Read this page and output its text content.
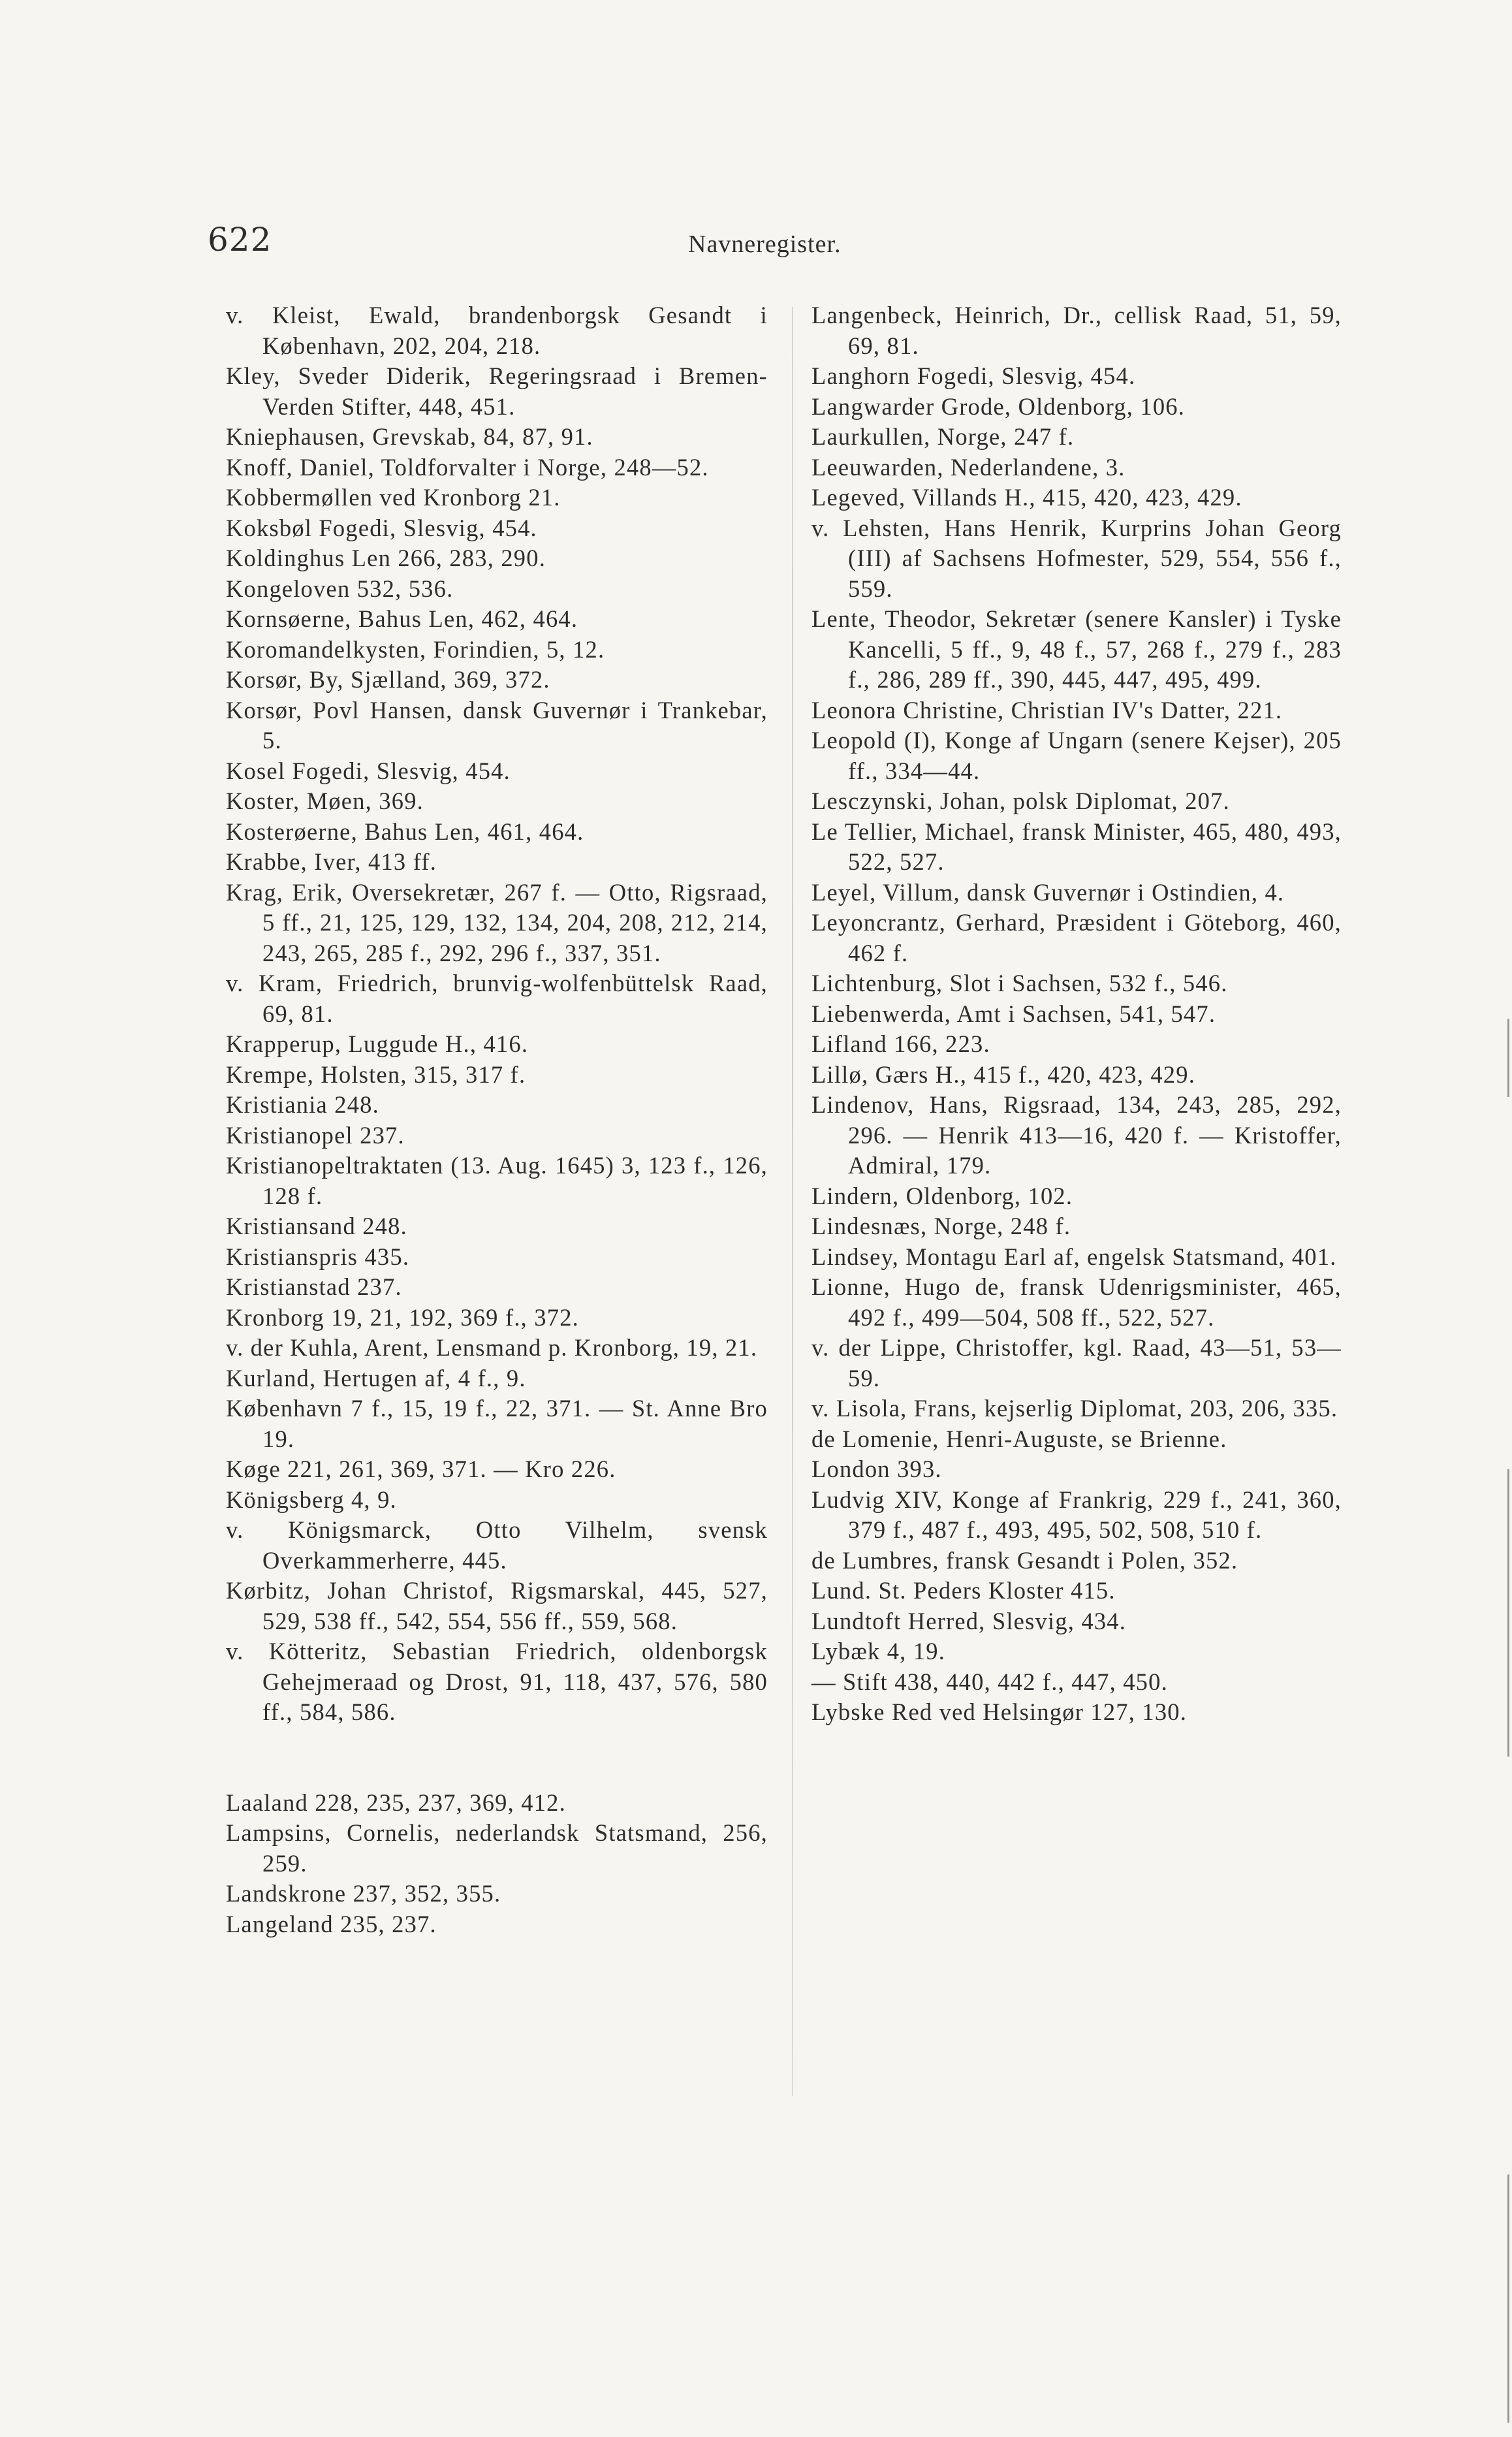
622	Navneregister.

v. Kleist, Ewald, brandenborgsk Gesandt i København, 202, 204, 218.

Kley, Sveder Diderik, Regeringsraad i Bremen-Verden Stifter, 448, 451.

Kniephausen, Grevskab, 84, 87, 91.

Knoff, Daniel, Toldforvalter i Norge, 248—52.

Kobbermøllen ved Kronborg 21.

Koksbøl Fogedi, Slesvig, 454.

Koldinghus Len 266, 283, 290.

Kongeloven 532, 536.

Kornsøerne, Bahus Len, 462, 464.

Koromandelkysten, Forindien, 5, 12.

Korsør, By, Sjælland, 369, 372.

Korsør, Povl Hansen, dansk Guvernør i Trankebar, 5.

Kosel Fogedi, Slesvig, 454.

Koster, Møen, 369.

Kosterøerne, Bahus Len, 461, 464.

Krabbe, Iver, 413 ff.

Krag, Erik, Oversekretær, 267 f. — Otto, Rigsraad, 5 ff., 21, 125, 129, 132, 134, 204, 208, 212, 214, 243, 265, 285 f., 292, 296 f., 337, 351.

v. Kram, Friedrich, brunvig-wolfenbüttelsk Raad, 69, 81.

Krapperup, Luggude H., 416.

Krempe, Holsten, 315, 317 f.

Kristiania 248.

Kristianopel 237.

Kristianopeltraktaten (13. Aug. 1645) 3, 123 f., 126, 128 f.

Kristiansand 248.

Kristianspris 435.

Kristianstad 237.

Kronborg 19, 21, 192, 369 f., 372.

v. der Kuhla, Arent, Lensmand p. Kronborg, 19, 21.

Kurland, Hertugen af, 4 f., 9.

København 7 f., 15, 19 f., 22, 371. — St. Anne Bro 19.

Køge 221, 261, 369, 371. — Kro 226.

Königsberg 4, 9.

v. Königsmarck, Otto Vilhelm, svensk Overkammerherre, 445.

Kørbitz, Johan Christof, Rigsmarskal, 445, 527, 529, 538 ff., 542, 554, 556 ff., 559, 568.

v. Kötteritz, Sebastian Friedrich, oldenborgsk Gehejmeraad og Drost, 91, 118, 437, 576, 580 ff., 584, 586.

Laaland 228, 235, 237, 369, 412.

Lampsins, Cornelis, nederlandsk Statsmand, 256, 259.

Landskrone 237, 352, 355.

Langeland 235, 237.

Langenbeck, Heinrich, Dr., cellisk Raad, 51, 59, 69, 81.

Langhorn Fogedi, Slesvig, 454.

Langwarder Grode, Oldenborg, 106.

Laurkullen, Norge, 247 f.

Leeuwarden, Nederlandene, 3.

Legeved, Villands H., 415, 420, 423, 429.

v. Lehsten, Hans Henrik, Kurprins Johan Georg (III) af Sachsens Hofmester, 529, 554, 556 f., 559.

Lente, Theodor, Sekretær (senere Kansler) i Tyske Kancelli, 5 ff., 9, 48 f., 57, 268 f., 279 f., 283 f., 286, 289 ff., 390, 445, 447, 495, 499.

Leonora Christine, Christian IV's Datter, 221.

Leopold (I), Konge af Ungarn (senere Kejser), 205 ff., 334—44.

Lesczynski, Johan, polsk Diplomat, 207.

Le Tellier, Michael, fransk Minister, 465, 480, 493, 522, 527.

Leyel, Villum, dansk Guvernør i Ostindien, 4.

Leyoncrantz, Gerhard, Præsident i Göteborg, 460, 462 f.

Lichtenburg, Slot i Sachsen, 532 f., 546.

Liebenwerda, Amt i Sachsen, 541, 547.

Lifland 166, 223.

Lillø, Gærs H., 415 f., 420, 423, 429.

Lindenov, Hans, Rigsraad, 134, 243, 285, 292, 296. — Henrik 413—16, 420 f. — Kristoffer, Admiral, 179.

Lindern, Oldenborg, 102.

Lindesnæs, Norge, 248 f.

Lindsey, Montagu Earl af, engelsk Statsmand, 401.

Lionne, Hugo de, fransk Udenrigsminister, 465, 492 f., 499—504, 508 ff., 522, 527.

v. der Lippe, Christoffer, kgl. Raad, 43—51, 53—59.

v. Lisola, Frans, kejserlig Diplomat, 203, 206, 335.

de Lomenie, Henri-Auguste, se Brienne.

London 393.

Ludvig XIV, Konge af Frankrig, 229 f., 241, 360, 379 f., 487 f., 493, 495, 502, 508, 510 f.

de Lumbres, fransk Gesandt i Polen, 352.

Lund. St. Peders Kloster 415.

Lundtoft Herred, Slesvig, 434.

Lybæk 4, 19.

— Stift 438, 440, 442 f., 447, 450.

Lybske Red ved Helsingør 127, 130.
